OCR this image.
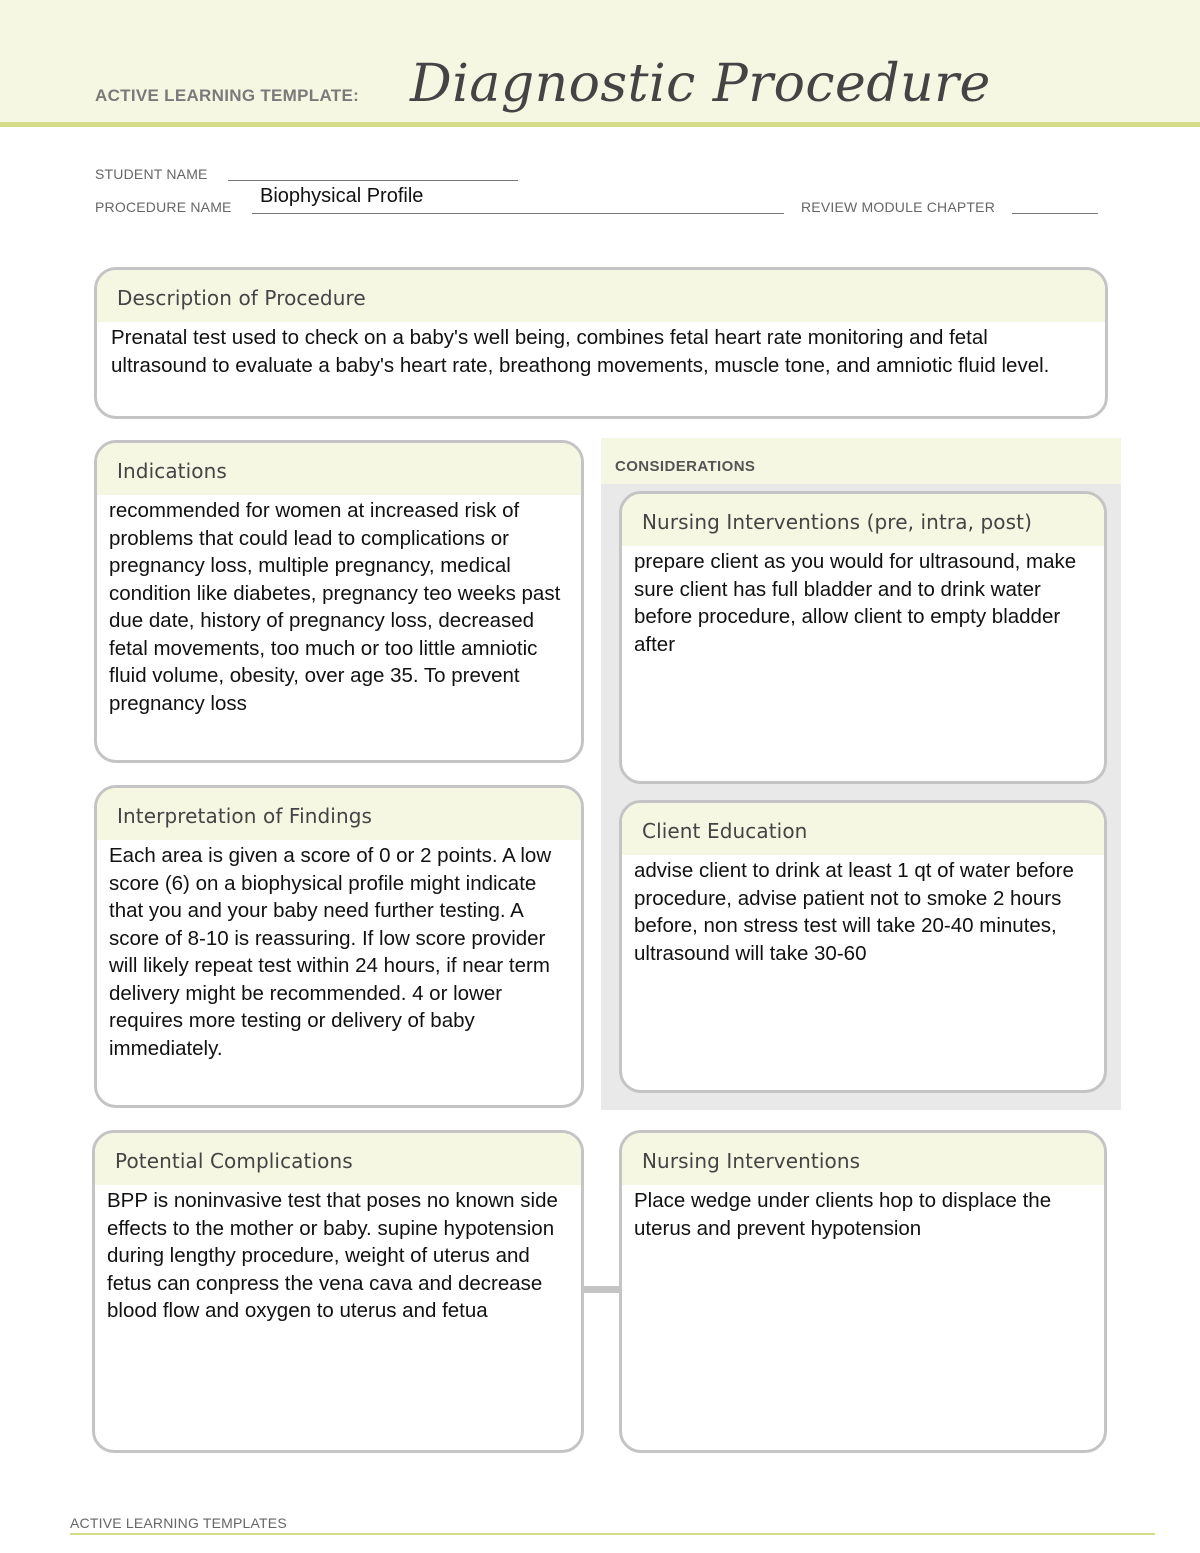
ACTIVE LEARNING TEMPLATE: Diagnostic Procedure
STUDENT NAME
PROCEDURE NAME Biophysical Profile	REVIEW MODULE CHAPTER
Description of Procedure
Prenatal test used to check on a baby's well being, combines fetal heart rate monitoring and fetal ultrasound to evaluate a baby's heart rate, breathong movements, muscle tone, and amniotic fluid level.
CONSIDERATIONS
Indications
recommended for women at increased risk of problems that could lead to complications or pregnancy loss, multiple pregnancy, medical condition like diabetes, pregnancy teo weeks past due date, history of pregnancy loss, decreased fetal movements, too much or too little amniotic fluid volume, obesity, over age 35. To prevent pregnancy loss
Interpretation of Findings
Each area is given a score of 0 or 2 points. A low score (6) on a biophysical profile might indicate that you and your baby need further testing. A score of 8-10 is reassuring. If low score provider will likely repeat test within 24 hours, if near term delivery might be recommended. 4 or lower requires more testing or delivery of baby immediately.
Nursing Interventions (pre, intra, post)
prepare client as you would for ultrasound, make sure client has full bladder and to drink water before procedure, allow client to empty bladder after
Client Education
advise client to drink at least 1 qt of water before procedure, advise patient not to smoke 2 hours before, non stress test will take 20-40 minutes, ultrasound will take 30-60
Potential Complications
BPP is noninvasive test that poses no known side effects to the mother or baby. supine hypotension during lengthy procedure, weight of uterus and fetus can conpress the vena cava and decrease blood flow and oxygen to uterus and fetua
Nursing Interventions
Place wedge under clients hop to displace the uterus and prevent hypotension
ACTIVE LEARNING TEMPLATES
